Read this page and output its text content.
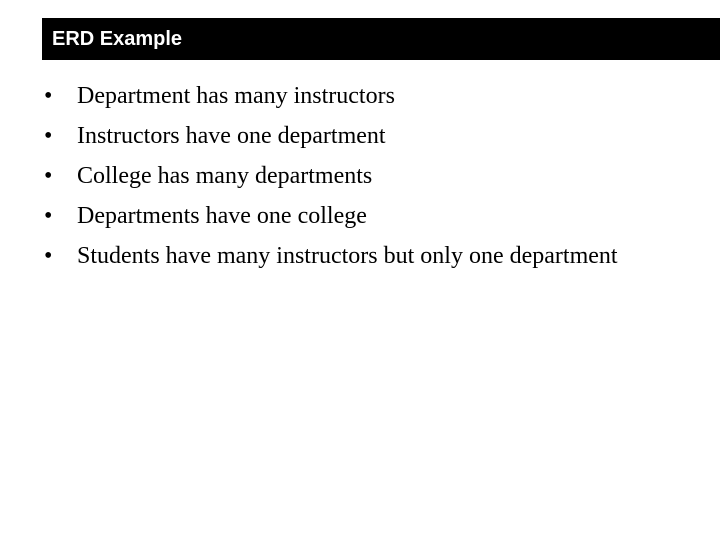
ERD Example
•	Department has many instructors
•	Instructors have one department
•	College has many departments
•	Departments have one college
•	Students have many instructors but only one department
